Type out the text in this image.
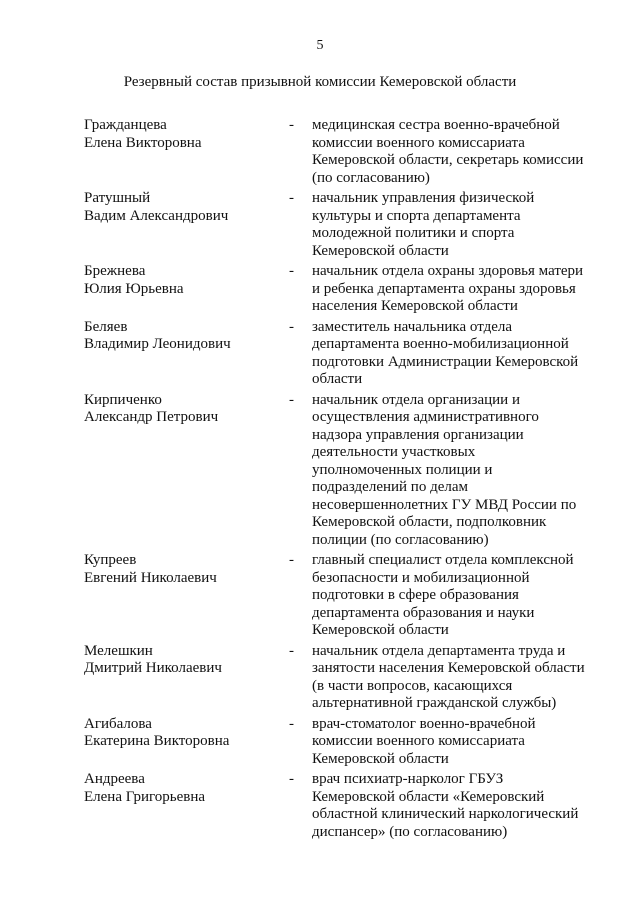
5
Резервный состав призывной комиссии Кемеровской области
Гражданцева
Елена Викторовна
- медицинская сестра военно-врачебной
комиссии военного комиссариата
Кемеровской области, секретарь комиссии
(по согласованию)
Ратушный
Вадим Александрович
- начальник управления физической
культуры и спорта департамента
молодежной политики и спорта
Кемеровской области
Брежнева
Юлия Юрьевна
- начальник отдела охраны здоровья матери
и ребенка департамента охраны здоровья
населения Кемеровской области
Беляев
Владимир Леонидович
- заместитель начальника отдела
департамента военно-мобилизационной
подготовки Администрации Кемеровской
области
Кирпиченко
Александр Петрович
- начальник отдела организации и
осуществления административного
надзора управления организации
деятельности участковых
уполномоченных полиции и
подразделений по делам
несовершеннолетних ГУ МВД России по
Кемеровской области, подполковник
полиции (по согласованию)
Купреев
Евгений Николаевич
- главный специалист отдела комплексной
безопасности и мобилизационной
подготовки в сфере образования
департамента образования и науки
Кемеровской области
Мелешкин
Дмитрий Николаевич
- начальник отдела департамента труда и
занятости населения Кемеровской области
(в части вопросов, касающихся
альтернативной гражданской службы)
Агибалова
Екатерина Викторовна
- врач-стоматолог военно-врачебной
комиссии военного комиссариата
Кемеровской области
Андреева
Елена Григорьевна
- врач психиатр-нарколог ГБУЗ
Кемеровской области «Кемеровский
областной клинический наркологический
диспансер» (по согласованию)
